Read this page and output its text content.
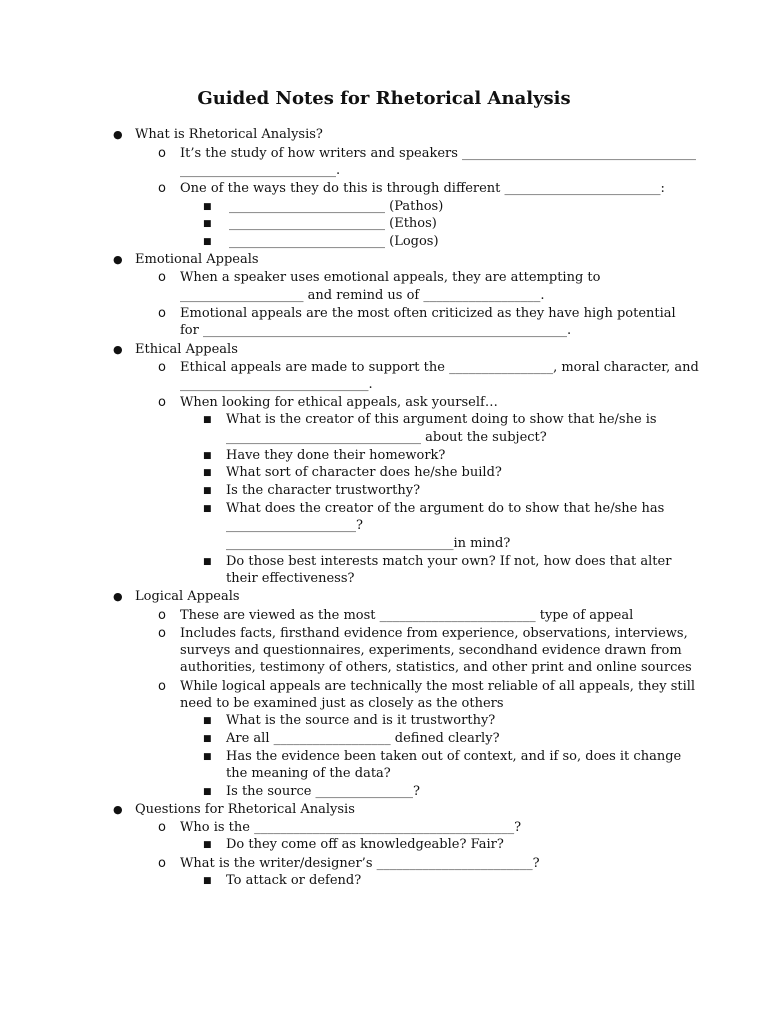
Guided Notes for Rhetorical Analysis
● What is Rhetorical Analysis?
o It’s the study of how writers and speakers ____________________________________
________________________.
o One of the ways they do this is through different ________________________:
■ ________________________ (Pathos)
■ ________________________ (Ethos)
■ ________________________ (Logos)
● Emotional Appeals
o When a speaker uses emotional appeals, they are attempting to
___________________ and remind us of __________________.
o Emotional appeals are the most often criticized as they have high potential
for ________________________________________________________.
● Ethical Appeals
o Ethical appeals are made to support the ________________, moral character, and
_____________________________.
o When looking for ethical appeals, ask yourself…
■ What is the creator of this argument doing to show that he/she is
______________________________ about the subject?
■ Have they done their homework?
■ What sort of character does he/she build?
■ Is the character trustworthy?
■ What does the creator of the argument do to show that he/she has
____________________?
___________________________________in mind?
■ Do those best interests match your own? If not, how does that alter
their effectiveness?
● Logical Appeals
o These are viewed as the most ________________________ type of appeal
o Includes facts, firsthand evidence from experience, observations, interviews,
surveys and questionnaires, experiments, secondhand evidence drawn from
authorities, testimony of others, statistics, and other print and online sources
o While logical appeals are technically the most reliable of all appeals, they still
need to be examined just as closely as the others
■ What is the source and is it trustworthy?
■ Are all __________________ defined clearly?
■ Has the evidence been taken out of context, and if so, does it change
the meaning of the data?
■ Is the source _______________?
● Questions for Rhetorical Analysis
o Who is the ________________________________________?
■ Do they come off as knowledgeable? Fair?
o What is the writer/designer’s ________________________?
■ To attack or defend?
